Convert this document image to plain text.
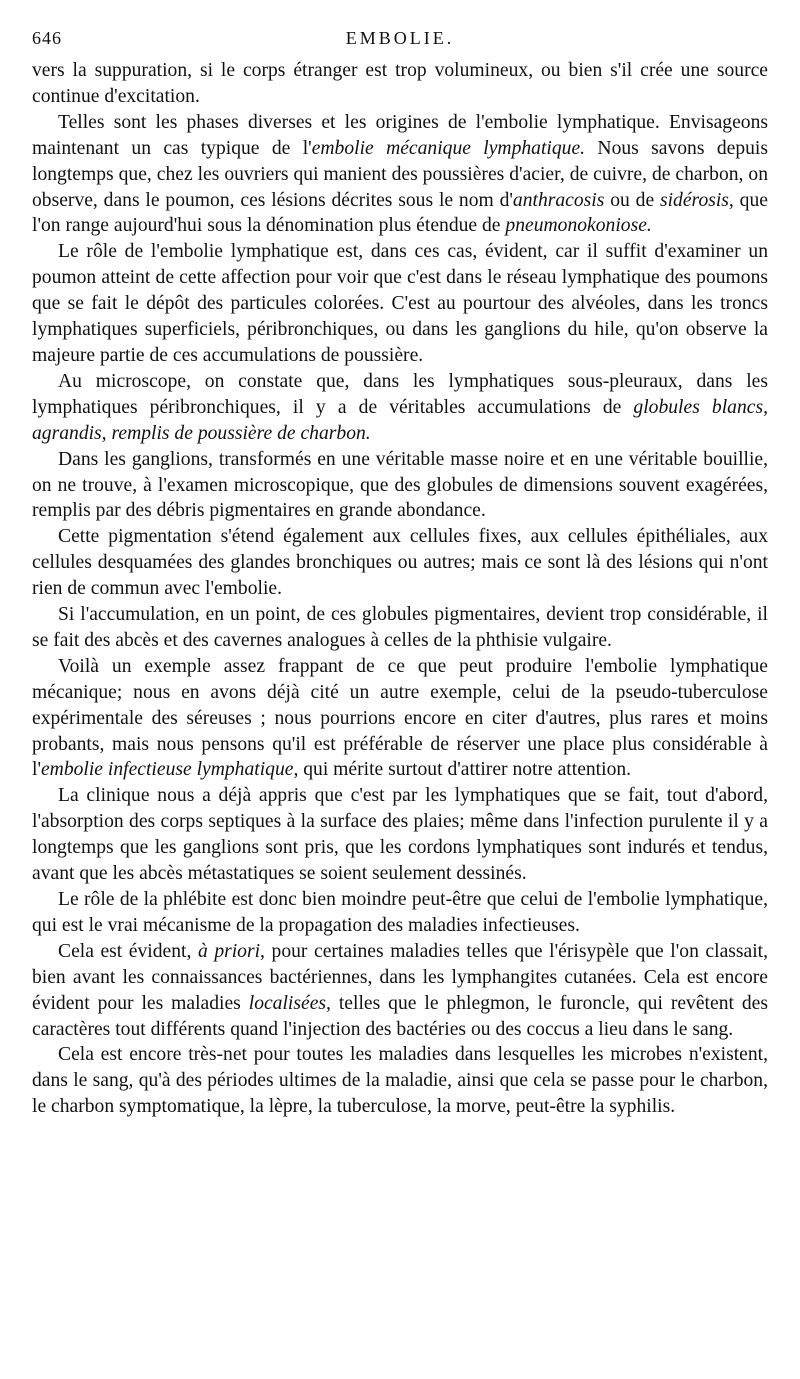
646	EMBOLIE.

vers la suppuration, si le corps étranger est trop volumineux, ou bien s'il crée une source continue d'excitation.

Telles sont les phases diverses et les origines de l'embolie lymphatique. Envisageons maintenant un cas typique de l'embolie mécanique lymphatique. Nous savons depuis longtemps que, chez les ouvriers qui manient des poussières d'acier, de cuivre, de charbon, on observe, dans le poumon, ces lésions décrites sous le nom d'anthracosis ou de sidérosis, que l'on range aujourd'hui sous la dénomination plus étendue de pneumonokoniose.

Le rôle de l'embolie lymphatique est, dans ces cas, évident, car il suffit d'examiner un poumon atteint de cette affection pour voir que c'est dans le réseau lymphatique des poumons que se fait le dépôt des particules colorées. C'est au pourtour des alvéoles, dans les troncs lymphatiques superficiels, péribronchiques, ou dans les ganglions du hile, qu'on observe la majeure partie de ces accumulations de poussière.

Au microscope, on constate que, dans les lymphatiques sous-pleuraux, dans les lymphatiques péribronchiques, il y a de véritables accumulations de globules blancs, agrandis, remplis de poussière de charbon.

Dans les ganglions, transformés en une véritable masse noire et en une véritable bouillie, on ne trouve, à l'examen microscopique, que des globules de dimensions souvent exagérées, remplis par des débris pigmentaires en grande abondance.

Cette pigmentation s'étend également aux cellules fixes, aux cellules épithéliales, aux cellules desquamées des glandes bronchiques ou autres; mais ce sont là des lésions qui n'ont rien de commun avec l'embolie.

Si l'accumulation, en un point, de ces globules pigmentaires, devient trop considérable, il se fait des abcès et des cavernes analogues à celles de la phthisie vulgaire.

Voilà un exemple assez frappant de ce que peut produire l'embolie lymphatique mécanique; nous en avons déjà cité un autre exemple, celui de la pseudo-tuberculose expérimentale des séreuses ; nous pourrions encore en citer d'autres, plus rares et moins probants, mais nous pensons qu'il est préférable de réserver une place plus considérable à l'embolie infectieuse lymphatique, qui mérite surtout d'attirer notre attention.

La clinique nous a déjà appris que c'est par les lymphatiques que se fait, tout d'abord, l'absorption des corps septiques à la surface des plaies; même dans l'infection purulente il y a longtemps que les ganglions sont pris, que les cordons lymphatiques sont indurés et tendus, avant que les abcès métastatiques se soient seulement dessinés.

Le rôle de la phlébite est donc bien moindre peut-être que celui de l'embolie lymphatique, qui est le vrai mécanisme de la propagation des maladies infectieuses.

Cela est évident, à priori, pour certaines maladies telles que l'érisypèle que l'on classait, bien avant les connaissances bactériennes, dans les lymphangites cutanées. Cela est encore évident pour les maladies localisées, telles que le phlegmon, le furoncle, qui revêtent des caractères tout différents quand l'injection des bactéries ou des coccus a lieu dans le sang.

Cela est encore très-net pour toutes les maladies dans lesquelles les microbes n'existent, dans le sang, qu'à des périodes ultimes de la maladie, ainsi que cela se passe pour le charbon, le charbon symptomatique, la lèpre, la tuberculose, la morve, peut-être la syphilis.
